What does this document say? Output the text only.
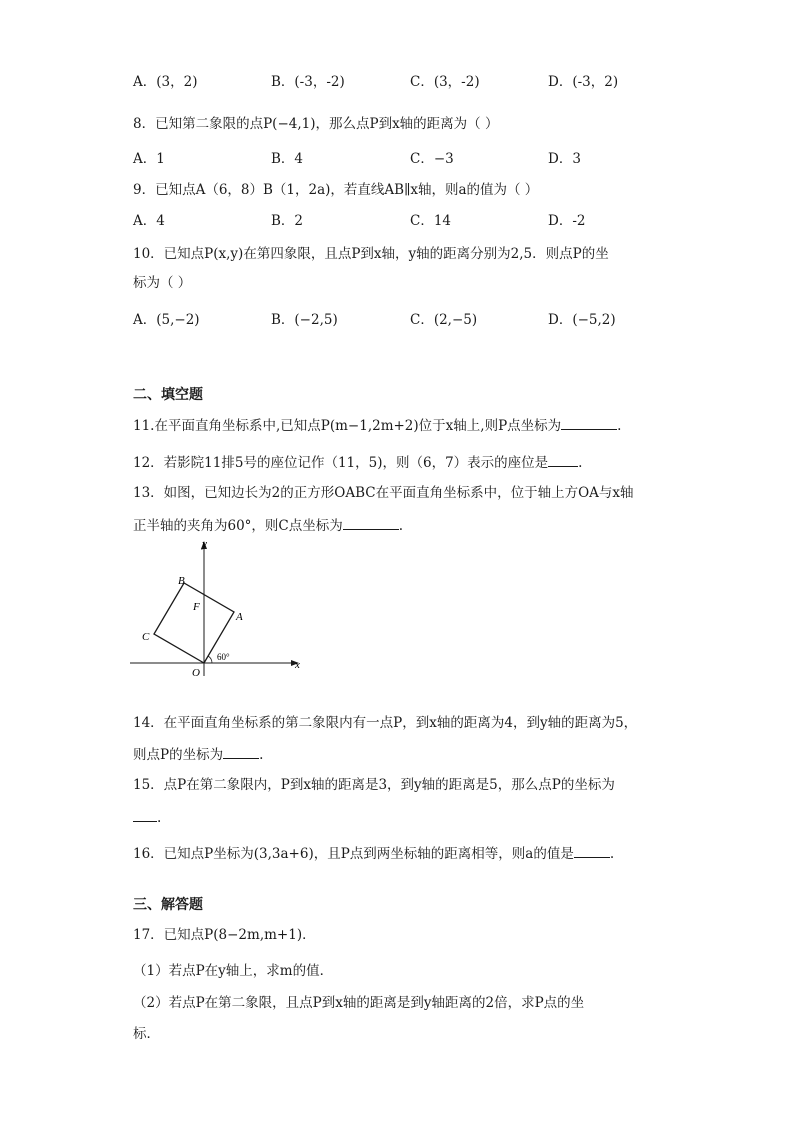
A．(3，2)	B．(-3，-2)	C．(3，-2)	D．(-3，2)
8．已知第二象限的点P(−4,1)，那么点P到x轴的距离为（ ）
A．1	B．4	C．−3	D．3
9．已知点A（6，8）B（1，2a)，若直线AB∥x轴，则a的值为（ ）
A．4	B．2	C．14	D．-2
10．已知点P(x,y)在第四象限，且点P到x轴，y轴的距离分别为2,5．则点P的坐
标为（ ）
A．(5,−2)	B．(−2,5)	C．(2,−5)	D．(−5,2)
二、填空题
11.在平面直角坐标系中,已知点P(m−1,2m+2)位于x轴上,则P点坐标为	.
12．若影院11排5号的座位记作（11，5)，则（6，7）表示的座位是 .
13．如图，已知边长为2的正方形OABC在平面直角坐标系中，位于轴上方OA与x轴
正半轴的夹角为60°，则C点坐标为	.
y
x
B
F
A
C
O
60°
14．在平面直角坐标系的第二象限内有一点P，到x轴的距离为4，到y轴的距离为5，
则点P的坐标为	.
15．点P在第二象限内，P到x轴的距离是3，到y轴的距离是5，那么点P的坐标为
.
16．已知点P坐标为(3,3a+6)，且P点到两坐标轴的距离相等，则a的值是	.
三、解答题
17．已知点P(8−2m,m+1)．
（1）若点P在y轴上，求m的值．
（2）若点P在第二象限，且点P到x轴的距离是到y轴距离的2倍，求P点的坐
标．
